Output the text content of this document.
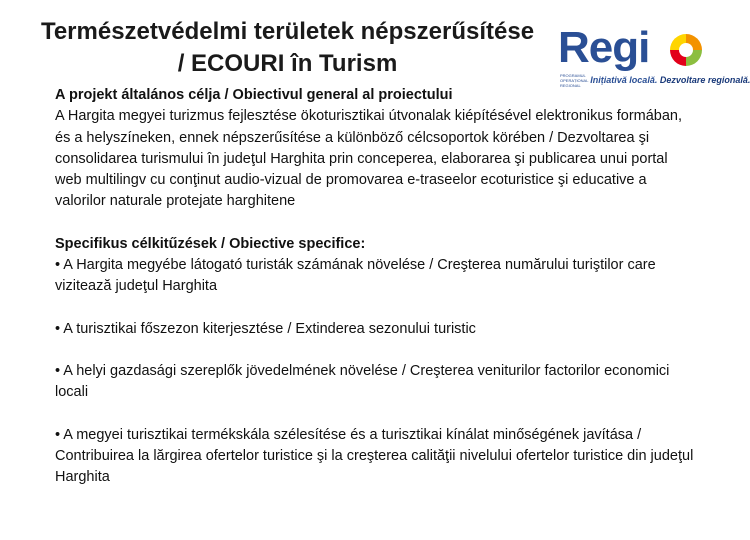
Természetvédelmi területek népszerűsítése
/ ECOURI în Turism	Regi
PROGRAMUL OPERAȚIONAL REGIONAL	Inițiativă locală. Dezvoltare regională.

A projekt általános célja / Obiectivul general al proiectului

A Hargita megyei turizmus fejlesztése ökoturisztikai útvonalak kiépítésével elektronikus formában, és a helyszíneken, ennek népszerűsítése a különböző célcsoportok körében / Dezvoltarea şi consolidarea turismului în judeţul Harghita prin conceperea, elaborarea şi publicarea unui portal web multilingv cu conţinut audio-vizual de promovarea e-traseelor ecoturistice şi educative a valorilor naturale protejate harghitene

Specifikus célkitűzések / Obiective specifice:

• A Hargita megyébe látogató turisták számának növelése / Creşterea numărului turiştilor care vizitează judeţul Harghita

• A turisztikai főszezon kiterjesztése / Extinderea sezonului turistic

• A helyi gazdasági szereplők jövedelmének növelése / Creşterea veniturilor factorilor economici locali

• A megyei turisztikai termékskála szélesítése és a turisztikai kínálat minőségének javítása / Contribuirea la lărgirea ofertelor turistice şi la creşterea calităţii nivelului ofertelor turistice din judeţul Harghita
